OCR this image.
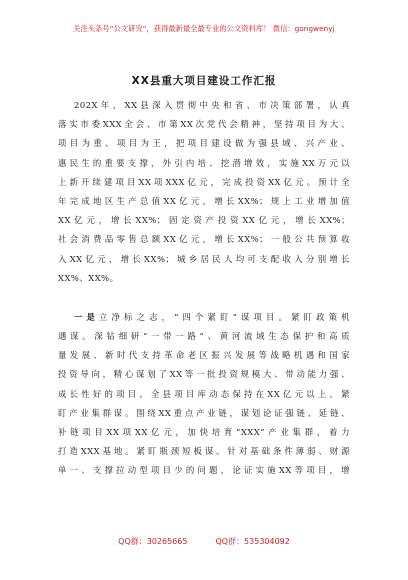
关注头条号“公文研究”，获得最新最全最专业的公文资料库！ 微信：gongwenyj
XX县重大项目建设工作汇报
202X年，XX县深入贯彻中央和省、市决策部署，认真
落实市委XXX全会、市第XX次党代会精神，坚持项目为大、
项目为重、项目为王，把项目建设做为强县域、兴产业、
惠民生的重要支撑，外引内培、挖潜增效，实施XX万元以
上新开续建项目XX项XXX亿元，完成投资XX亿元。预计全
年完成地区生产总值XX亿元，增长XX%；规上工业增加值
XX亿元，增长XX%；固定资产投资XX亿元，增长XX%；
社会消费品零售总额XX亿元，增长XX%；一般公共预算收
入XX亿元，增长XX%；城乡居民人均可支配收入分别增长
XX%、XX%。
一是立净标之志，“四个紧盯”谋项目。紧盯政策机
遇谋。深钻细研“一带一路”、黄河流域生态保护和高质
量发展、新时代支持革命老区振兴发展等战略机遇和国家
投资导向，精心谋划了XX等一批投资规模大、带动能力强、
成长性好的项目。全县项目库动态保持在XX亿元以上。紧
盯产业集群谋。围绕XX重点产业链，谋划论证强链、延链、
补链项目XX项XX亿元，加快培育“XXX”产业集群，着力
打造XXX基地。紧盯瓶颈短板谋。针对基础条件薄弱、财源
单一、支撑拉动型项目少的问题，论证实施XX等项目，增
QQ群：30265665	QQ群：535304092
